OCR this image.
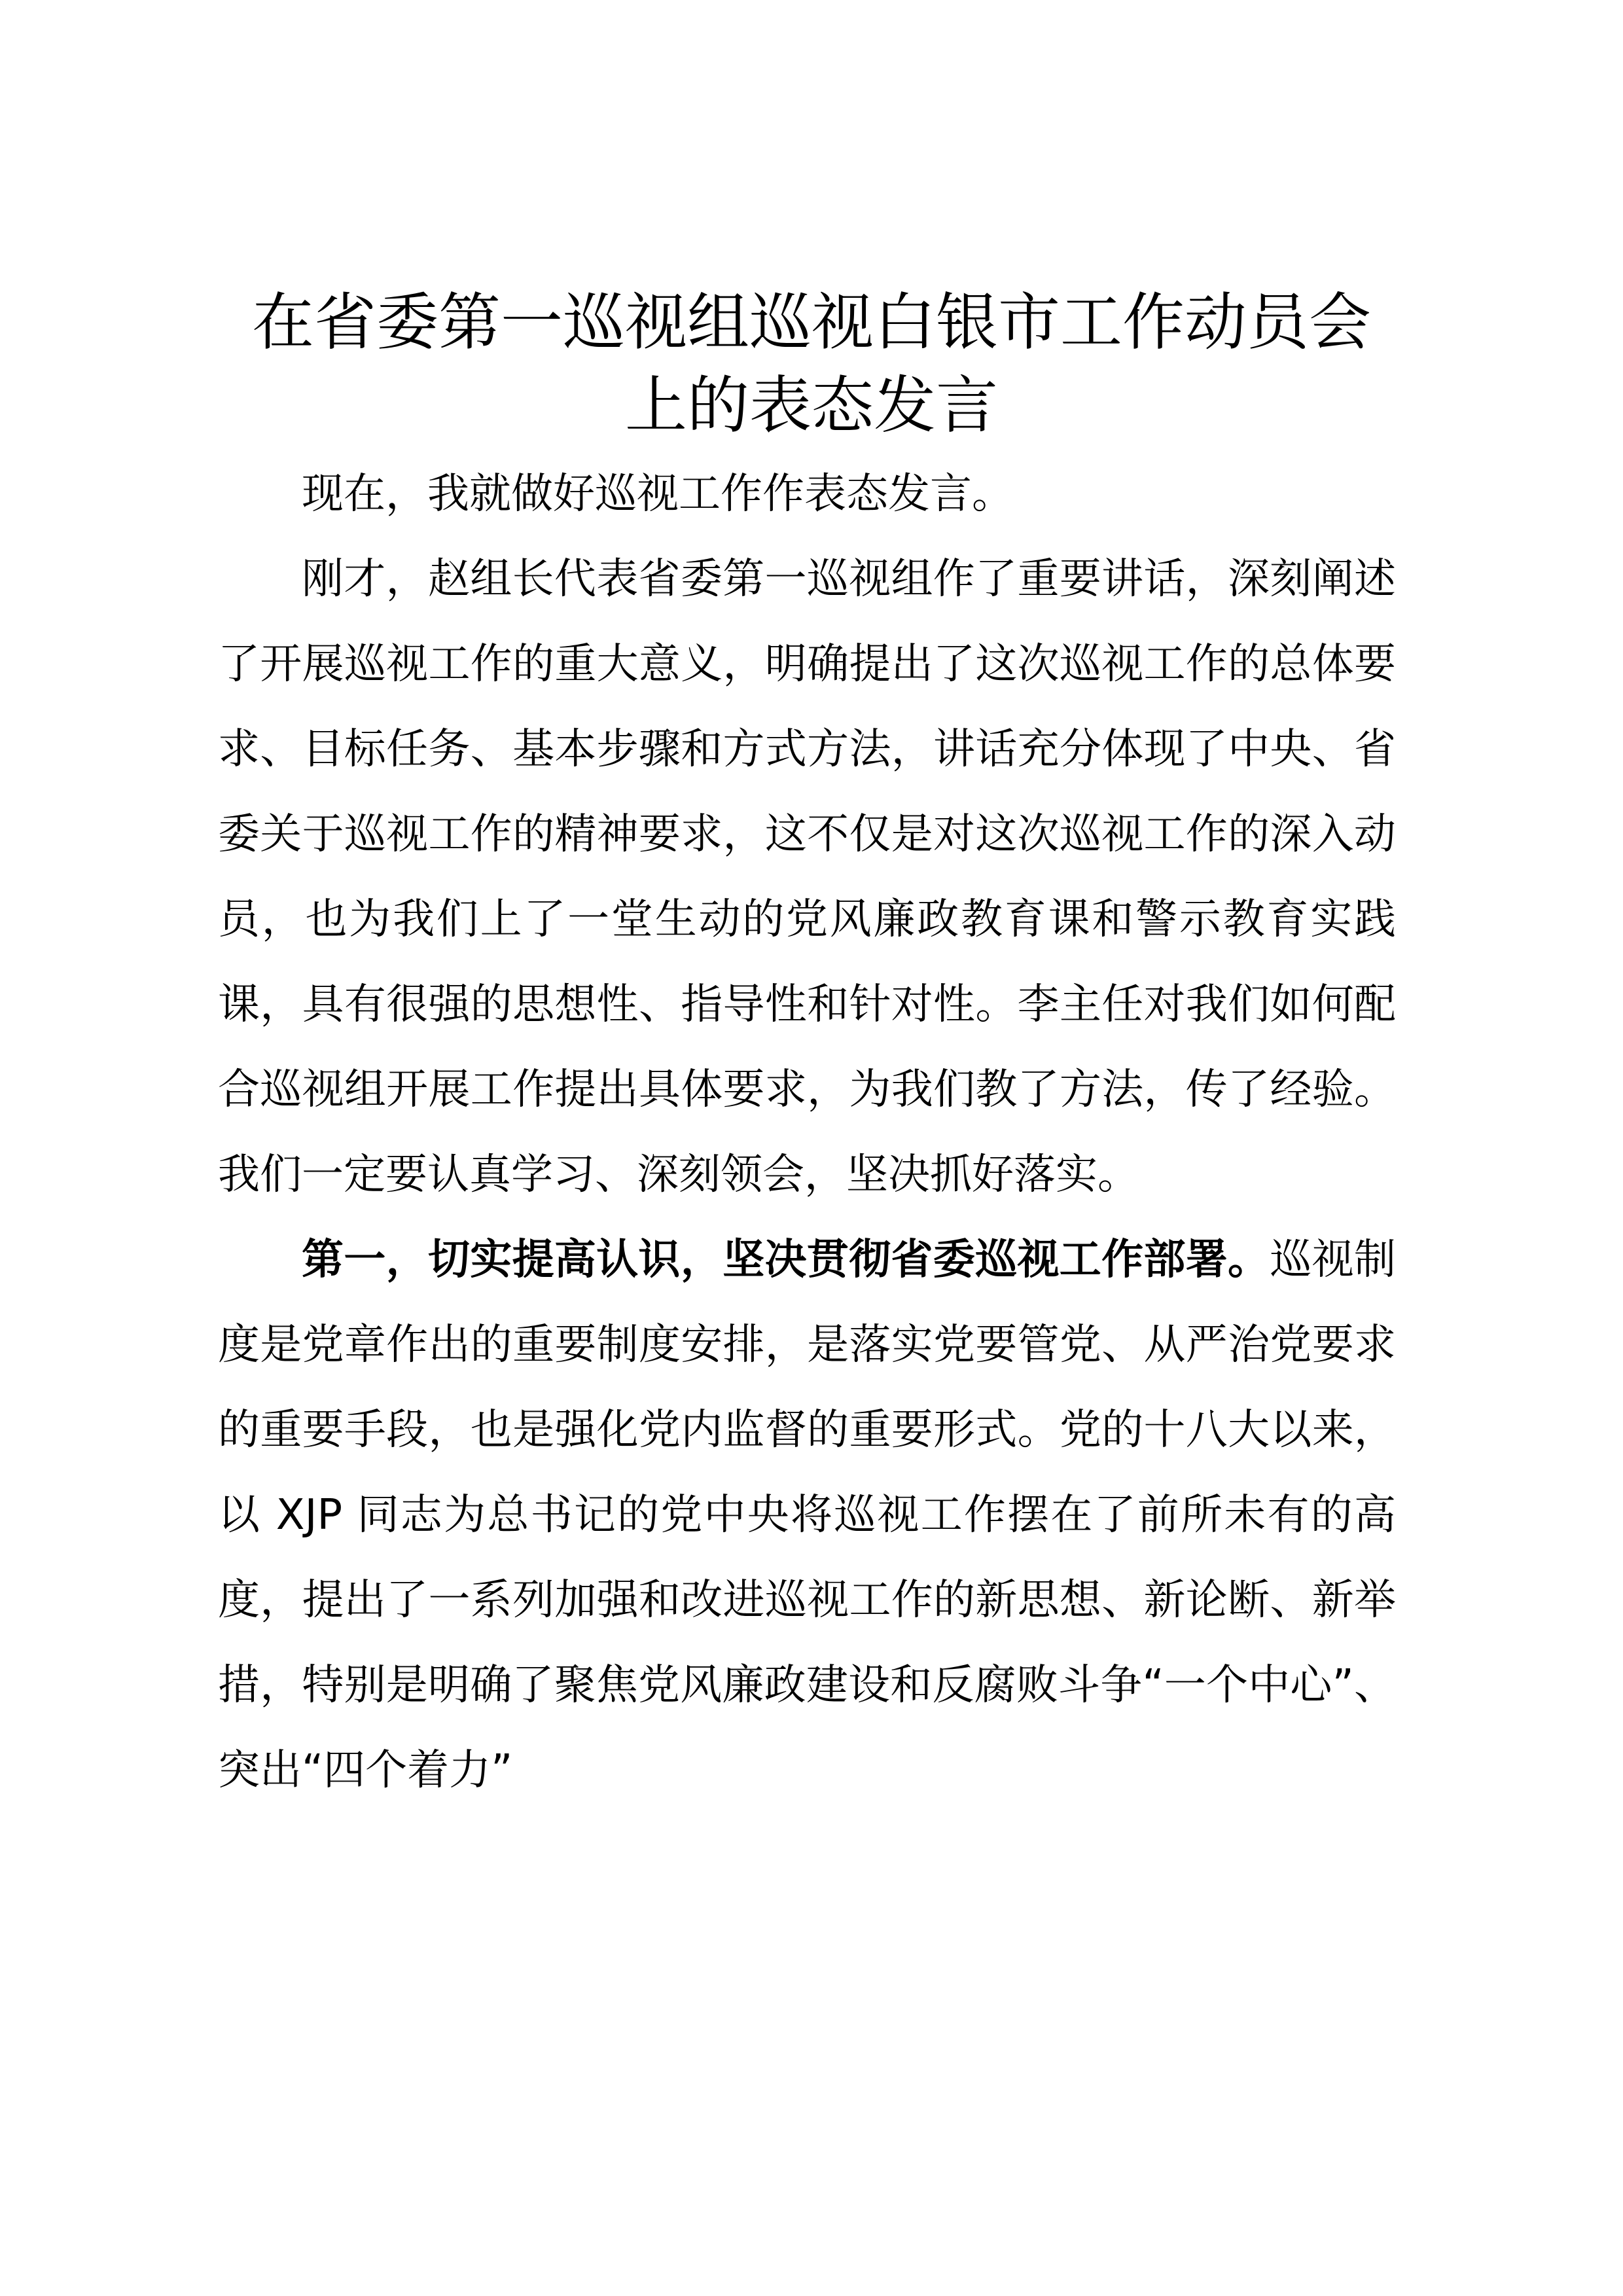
在省委第一巡视组巡视白银市工作动员会
上的表态发言

现在，我就做好巡视工作作表态发言。

刚才，赵组长代表省委第一巡视组作了重要讲话，深刻阐述了开展巡视工作的重大意义，明确提出了这次巡视工作的总体要求、目标任务、基本步骤和方式方法，讲话充分体现了中央、省委关于巡视工作的精神要求，这不仅是对这次巡视工作的深入动员，也为我们上了一堂生动的党风廉政教育课和警示教育实践课，具有很强的思想性、指导性和针对性。李主任对我们如何配合巡视组开展工作提出具体要求，为我们教了方法，传了经验。我们一定要认真学习、深刻领会，坚决抓好落实。

第一，切实提高认识，坚决贯彻省委巡视工作部署。巡视制度是党章作出的重要制度安排，是落实党要管党、从严治党要求的重要手段，也是强化党内监督的重要形式。党的十八大以来，以 XJP 同志为总书记的党中央将巡视工作摆在了前所未有的高度，提出了一系列加强和改进巡视工作的新思想、新论断、新举措，特别是明确了聚焦党风廉政建设和反腐败斗争“一个中心”、突出“四个着力”
